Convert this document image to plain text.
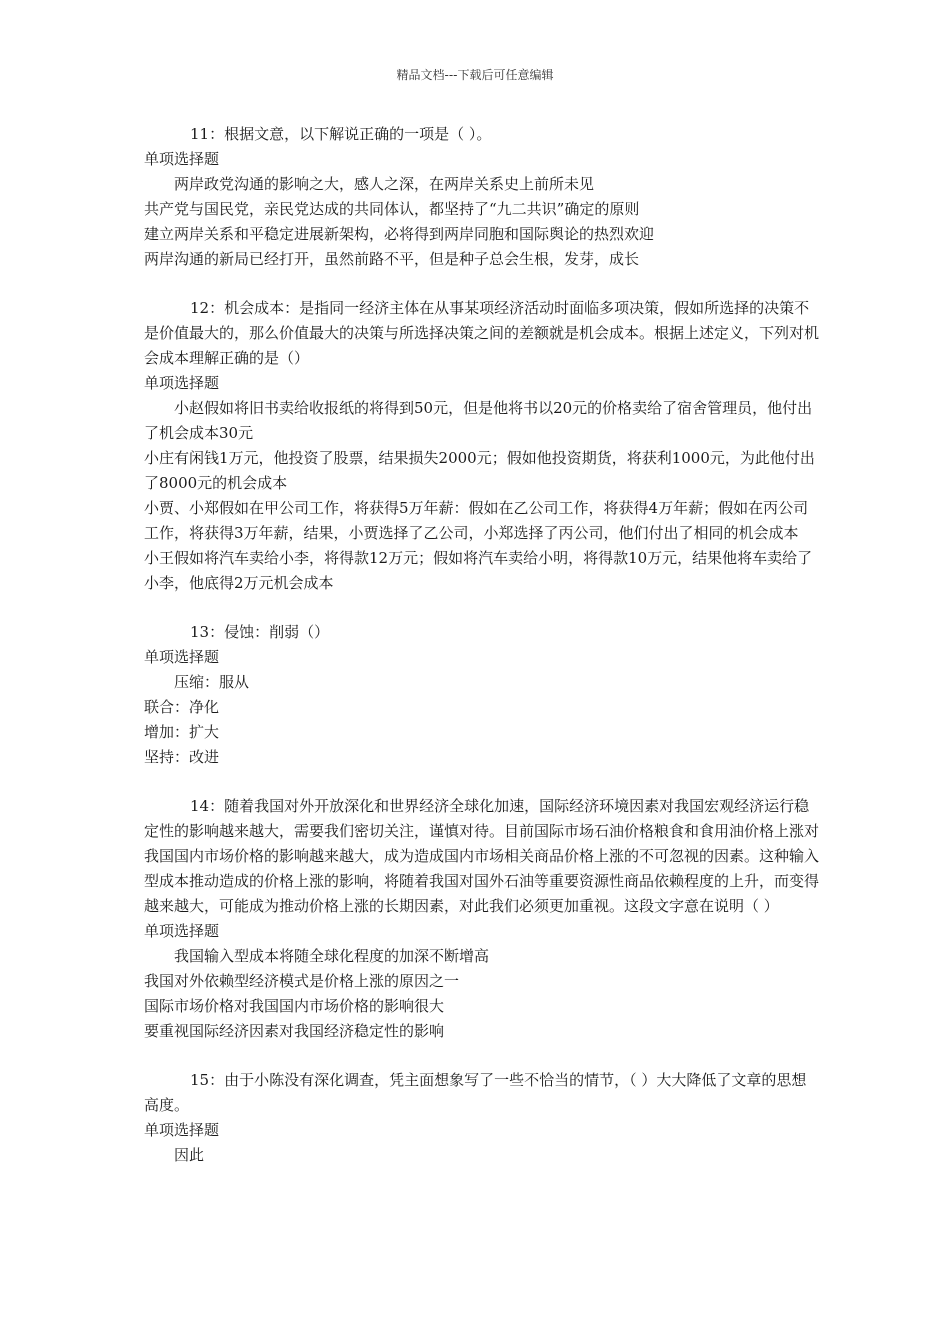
精品文档---下载后可任意编辑

11：根据文意，以下解说正确的一项是（ ）。

单项选择题

两岸政党沟通的影响之大，感人之深，在两岸关系史上前所未见
共产党与国民党，亲民党达成的共同体认，都坚持了“九二共识”确定的原则
建立两岸关系和平稳定进展新架构，必将得到两岸同胞和国际舆论的热烈欢迎
两岸沟通的新局已经打开，虽然前路不平，但是种子总会生根，发芽，成长

12：机会成本：是指同一经济主体在从事某项经济活动时面临多项决策，假如所选择的决策不是价值最大的，那么价值最大的决策与所选择决策之间的差额就是机会成本。根据上述定义，下列对机会成本理解正确的是（）

单项选择题

小赵假如将旧书卖给收报纸的将得到50元，但是他将书以20元的价格卖给了宿舍管理员，他付出了机会成本30元
小庄有闲钱1万元，他投资了股票，结果损失2000元；假如他投资期货，将获利1000元，为此他付出了8000元的机会成本
小贾、小郑假如在甲公司工作，将获得5万年薪：假如在乙公司工作，将获得4万年薪；假如在丙公司工作，将获得3万年薪，结果，小贾选择了乙公司，小郑选择了丙公司，他们付出了相同的机会成本
小王假如将汽车卖给小李，将得款12万元；假如将汽车卖给小明，将得款10万元，结果他将车卖给了小李，他底得2万元机会成本

13：侵蚀：削弱（）

单项选择题

压缩：服从
联合：净化
增加：扩大
坚持：改进

14：随着我国对外开放深化和世界经济全球化加速，国际经济环境因素对我国宏观经济运行稳定性的影响越来越大，需要我们密切关注，谨慎对待。目前国际市场石油价格粮食和食用油价格上涨对我国国内市场价格的影响越来越大，成为造成国内市场相关商品价格上涨的不可忽视的因素。这种输入型成本推动造成的价格上涨的影响，将随着我国对国外石油等重要资源性商品依赖程度的上升，而变得越来越大，可能成为推动价格上涨的长期因素，对此我们必须更加重视。这段文字意在说明（ ）

单项选择题

我国输入型成本将随全球化程度的加深不断增高
我国对外依赖型经济模式是价格上涨的原因之一
国际市场价格对我国国内市场价格的影响很大
要重视国际经济因素对我国经济稳定性的影响

15：由于小陈没有深化调查，凭主面想象写了一些不恰当的情节，（ ）大大降低了文章的思想高度。

单项选择题

因此
